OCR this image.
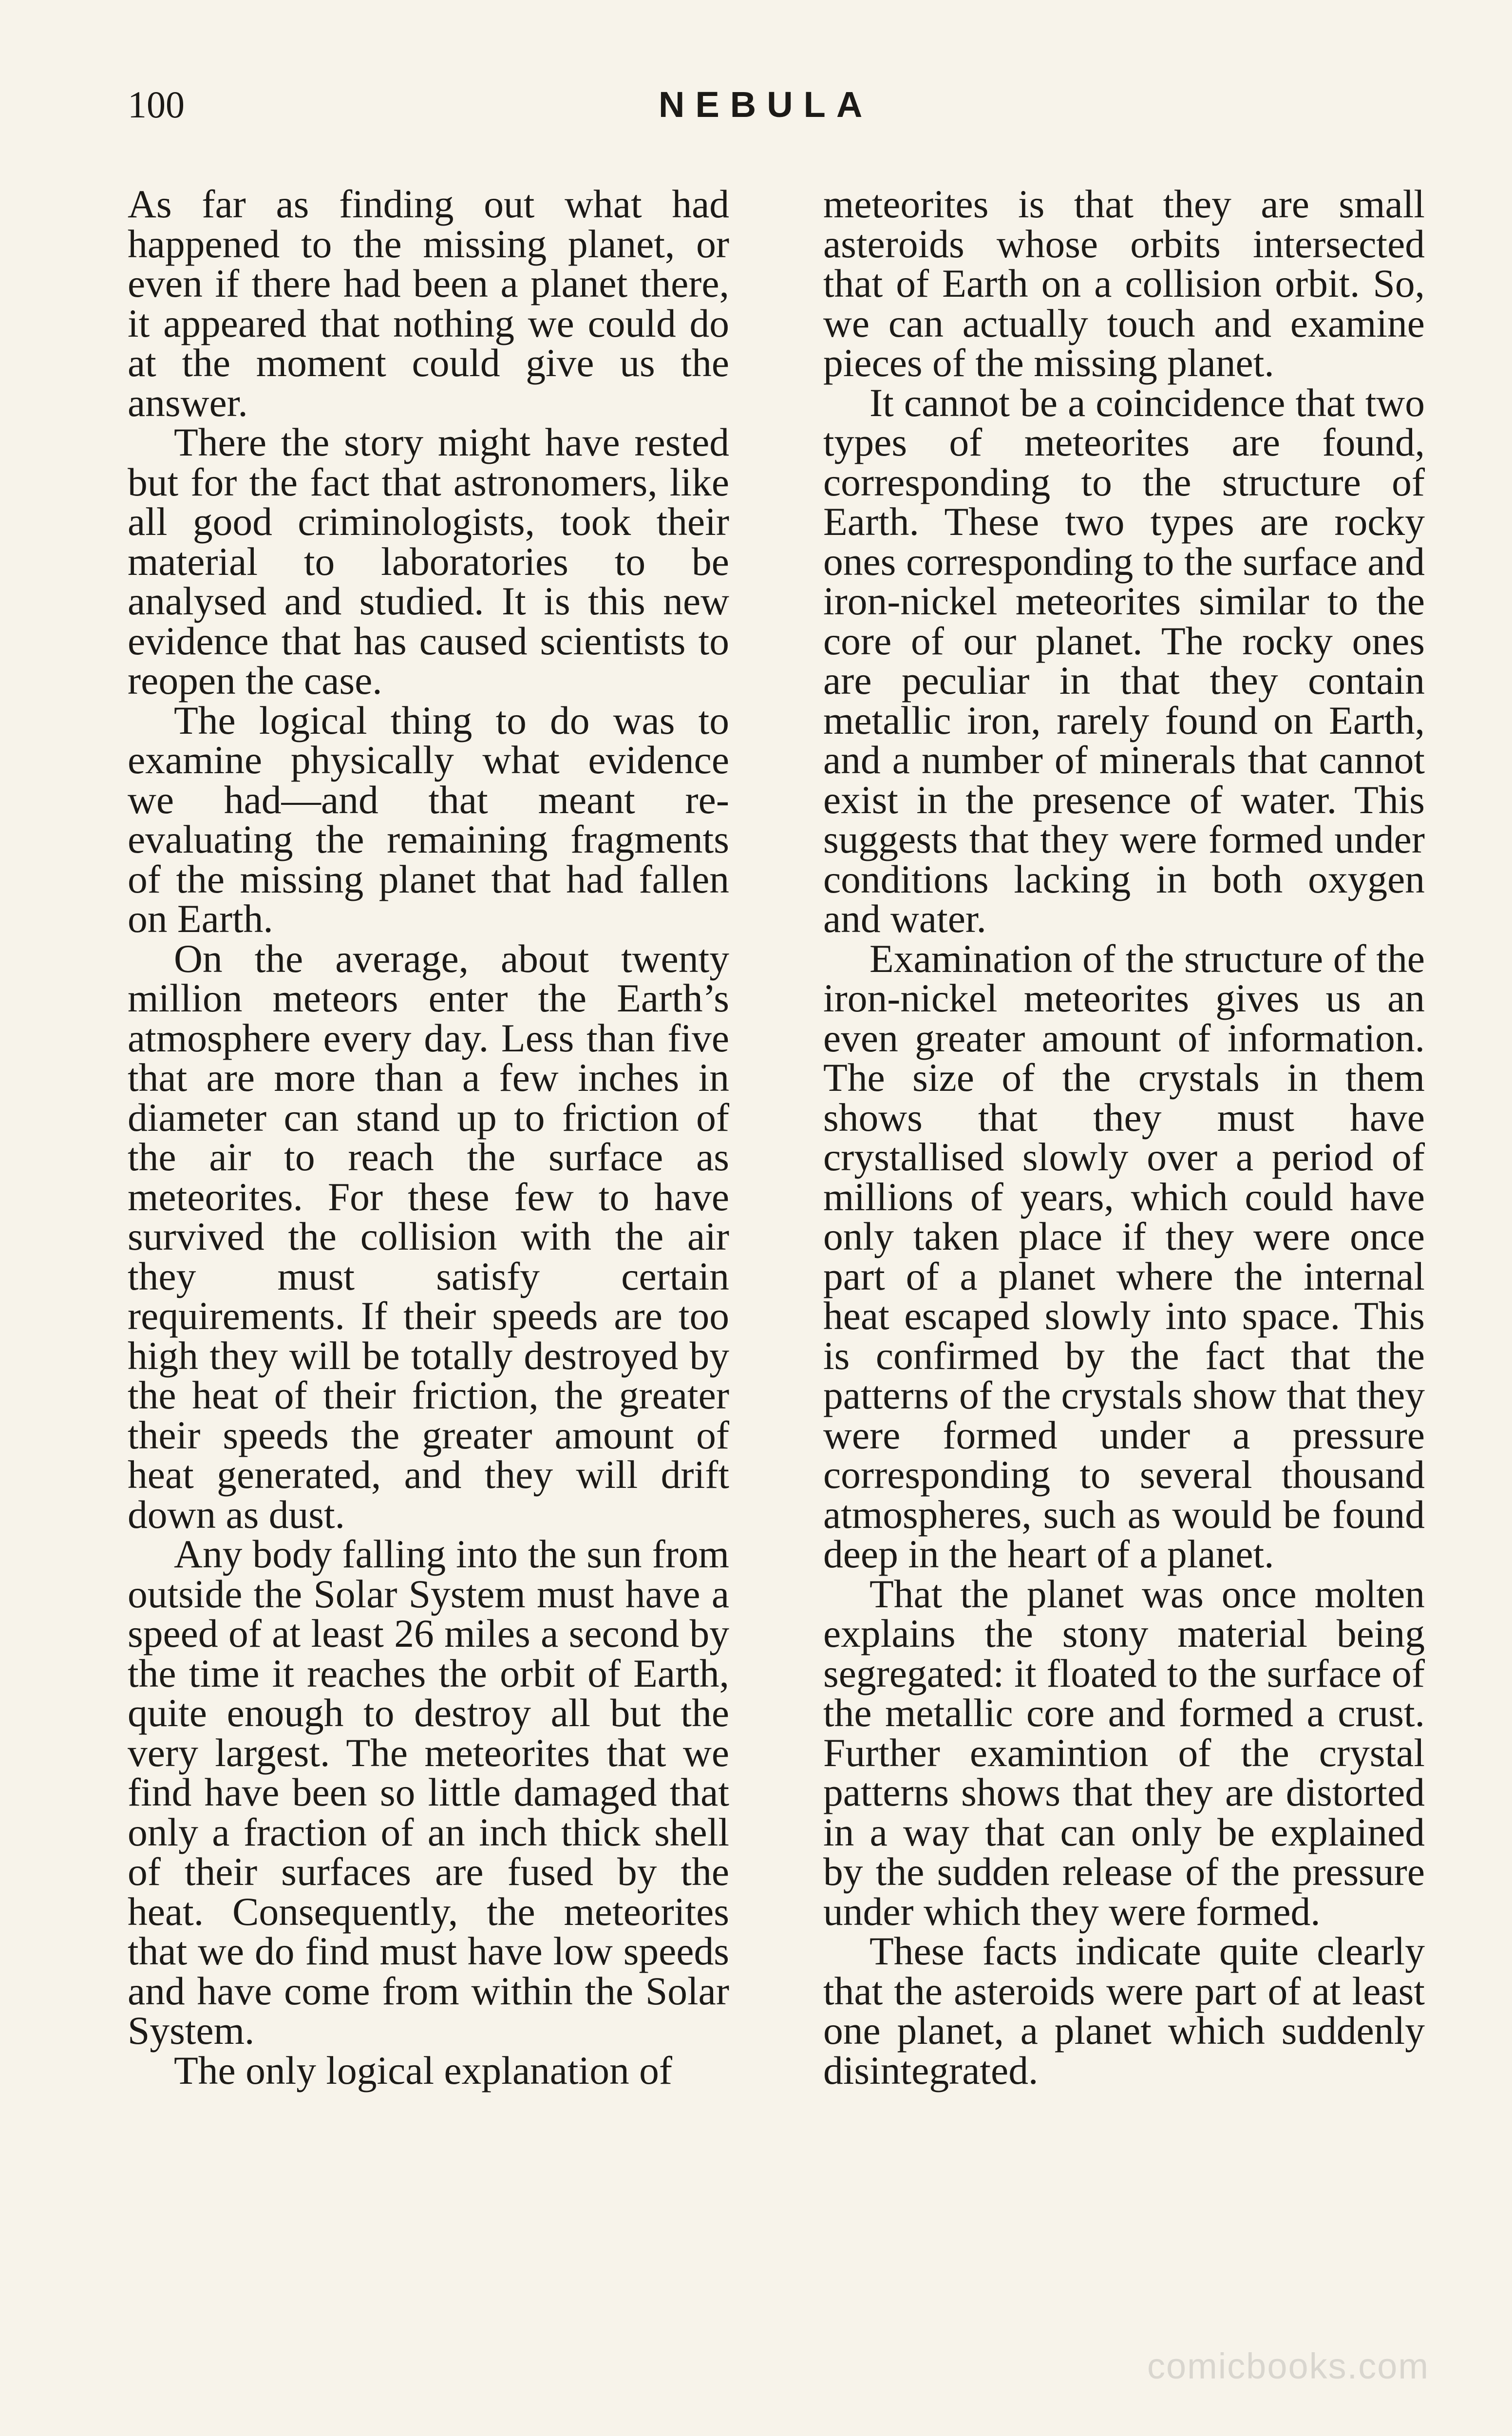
100	NEBULA

As far as finding out what had happened to the missing planet, or even if there had been a planet there, it appeared that nothing we could do at the moment could give us the answer.

There the story might have rested but for the fact that astronomers, like all good criminologists, took their material to laboratories to be analysed and studied. It is this new evidence that has caused scientists to reopen the case.

The logical thing to do was to examine physically what evidence we had—and that meant re-evaluating the remaining fragments of the missing planet that had fallen on Earth.

On the average, about twenty million meteors enter the Earth’s atmosphere every day. Less than five that are more than a few inches in diameter can stand up to friction of the air to reach the surface as meteorites. For these few to have survived the collision with the air they must satisfy certain requirements. If their speeds are too high they will be totally destroyed by the heat of their friction, the greater their speeds the greater amount of heat generated, and they will drift down as dust.

Any body falling into the sun from outside the Solar System must have a speed of at least 26 miles a second by the time it reaches the orbit of Earth, quite enough to destroy all but the very largest. The meteorites that we find have been so little damaged that only a fraction of an inch thick shell of their surfaces are fused by the heat. Consequently, the meteorites that we do find must have low speeds and have come from within the Solar System.

The only logical explanation of

meteorites is that they are small asteroids whose orbits intersected that of Earth on a collision orbit. So, we can actually touch and examine pieces of the missing planet.

It cannot be a coincidence that two types of meteorites are found, corresponding to the structure of Earth. These two types are rocky ones corresponding to the surface and iron-nickel meteorites similar to the core of our planet. The rocky ones are peculiar in that they contain metallic iron, rarely found on Earth, and a number of minerals that cannot exist in the presence of water. This suggests that they were formed under conditions lacking in both oxygen and water.

Examination of the structure of the iron-nickel meteorites gives us an even greater amount of information. The size of the crystals in them shows that they must have crystallised slowly over a period of millions of years, which could have only taken place if they were once part of a planet where the internal heat escaped slowly into space. This is confirmed by the fact that the patterns of the crystals show that they were formed under a pressure corresponding to several thousand atmospheres, such as would be found deep in the heart of a planet.

That the planet was once molten explains the stony material being segregated: it floated to the surface of the metallic core and formed a crust. Further examintion of the crystal patterns shows that they are distorted in a way that can only be explained by the sudden release of the pressure under which they were formed.

These facts indicate quite clearly that the asteroids were part of at least one planet, a planet which suddenly disintegrated.

comicbooks.com
